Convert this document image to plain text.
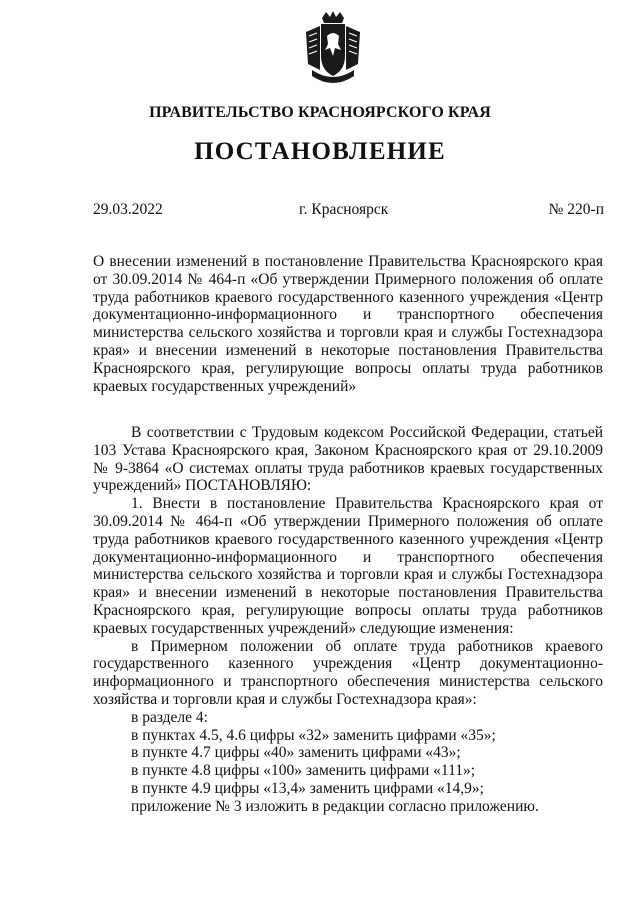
ПРАВИТЕЛЬСТВО КРАСНОЯРСКОГО КРАЯ
ПОСТАНОВЛЕНИЕ
29.03.2022	г. Красноярск	№ 220-п
О внесении изменений в постановление Правительства Красноярского края от 30.09.2014 № 464-п «Об утверждении Примерного положения об оплате труда работников краевого государственного казенного учреждения «Центр документационно-информационного и транспортного обеспечения министерства сельского хозяйства и торговли края и службы Гостехнадзора края» и внесении изменений в некоторые постановления Правительства Красноярского края, регулирующие вопросы оплаты труда работников краевых государственных учреждений»

В соответствии с Трудовым кодексом Российской Федерации, статьей 103 Устава Красноярского края, Законом Красноярского края от 29.10.2009 № 9-3864 «О системах оплаты труда работников краевых государственных учреждений» ПОСТАНОВЛЯЮ:

1. Внести в постановление Правительства Красноярского края от 30.09.2014 № 464-п «Об утверждении Примерного положения об оплате труда работников краевого государственного казенного учреждения «Центр документационно-информационного и транспортного обеспечения министерства сельского хозяйства и торговли края и службы Гостехнадзора края» и внесении изменений в некоторые постановления Правительства Красноярского края, регулирующие вопросы оплаты труда работников краевых государственных учреждений» следующие изменения:

в Примерном положении об оплате труда работников краевого государственного казенного учреждения «Центр документационно-информационного и транспортного обеспечения министерства сельского хозяйства и торговли края и службы Гостехнадзора края»:

в разделе 4:

в пунктах 4.5, 4.6 цифры «32» заменить цифрами «35»;

в пункте 4.7 цифры «40» заменить цифрами «43»;

в пункте 4.8 цифры «100» заменить цифрами «111»;

в пункте 4.9 цифры «13,4» заменить цифрами «14,9»;

приложение № 3 изложить в редакции согласно приложению.
